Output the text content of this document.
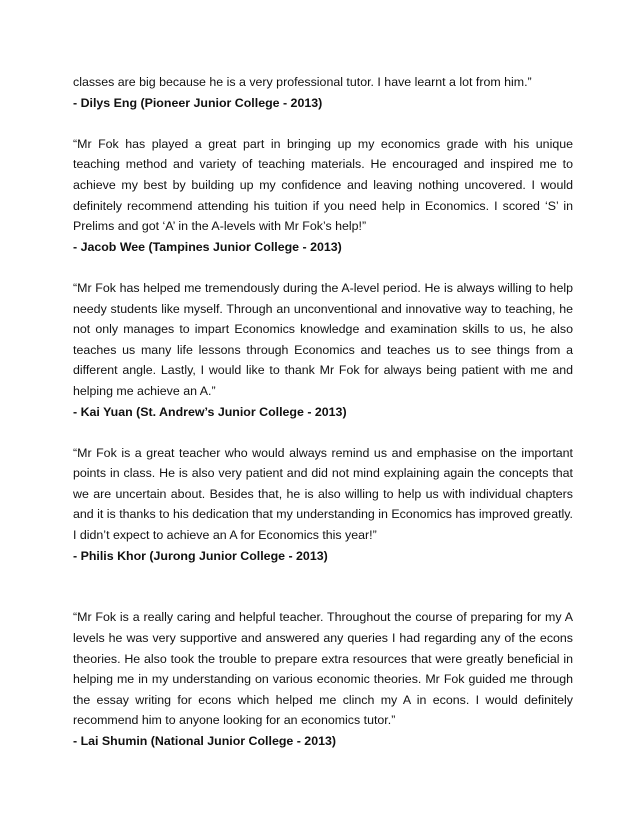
classes are big because he is a very professional tutor. I have learnt a lot from him.”

- Dilys Eng (Pioneer Junior College - 2013)

“Mr Fok has played a great part in bringing up my economics grade with his unique teaching method and variety of teaching materials. He encouraged and inspired me to achieve my best by building up my confidence and leaving nothing uncovered. I would definitely recommend attending his tuition if you need help in Economics. I scored ‘S’ in Prelims and got ‘A’ in the A-levels with Mr Fok’s help!”

- Jacob Wee (Tampines Junior College - 2013)

“Mr Fok has helped me tremendously during the A-level period. He is always willing to help needy students like myself. Through an unconventional and innovative way to teaching, he not only manages to impart Economics knowledge and examination skills to us, he also teaches us many life lessons through Economics and teaches us to see things from a different angle. Lastly, I would like to thank Mr Fok for always being patient with me and helping me achieve an A.”

- Kai Yuan (St. Andrew’s Junior College - 2013)

“Mr Fok is a great teacher who would always remind us and emphasise on the important points in class. He is also very patient and did not mind explaining again the concepts that we are uncertain about. Besides that, he is also willing to help us with individual chapters and it is thanks to his dedication that my understanding in Economics has improved greatly. I didn’t expect to achieve an A for Economics this year!”

- Philis Khor (Jurong Junior College - 2013)

“Mr Fok is a really caring and helpful teacher. Throughout the course of preparing for my A levels he was very supportive and answered any queries I had regarding any of the econs theories. He also took the trouble to prepare extra resources that were greatly beneficial in helping me in my understanding on various economic theories. Mr Fok guided me through the essay writing for econs which helped me clinch my A in econs. I would definitely recommend him to anyone looking for an economics tutor.”

- Lai Shumin (National Junior College - 2013)
